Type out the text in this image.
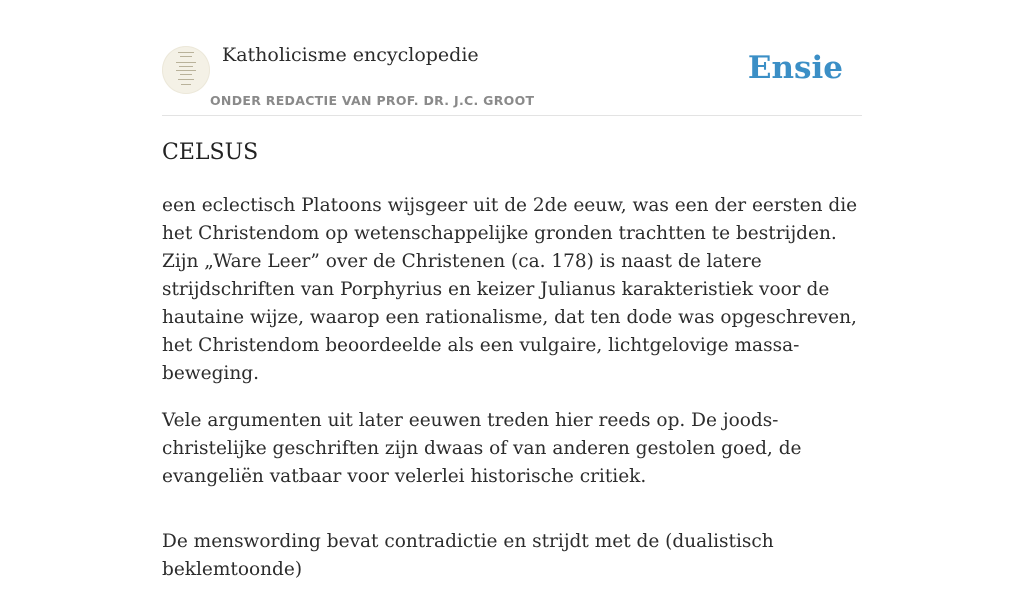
Katholicisme encyclopedie
ONDER REDACTIE VAN PROF. DR. J.C. GROOT
Ensie
CELSUS

een eclectisch Platoons wijsgeer uit de 2de eeuw, was een der eersten die het Christendom op wetenschappelijke gronden trachtten te bestrijden. Zijn „Ware Leer” over de Christenen (ca. 178) is naast de latere strijdschriften van Porphyrius en keizer Julianus karakteristiek voor de hautaine wijze, waarop een rationalisme, dat ten dode was opgeschreven, het Christendom beoordeelde als een vulgaire, lichtgelovige massa-beweging.

Vele argumenten uit later eeuwen treden hier reeds op. De joods-christelijke geschriften zijn dwaas of van anderen gestolen goed, de evangeliën vatbaar voor velerlei historische critiek.

De menswording bevat contradictie en strijdt met de (dualistisch beklemtoonde)
